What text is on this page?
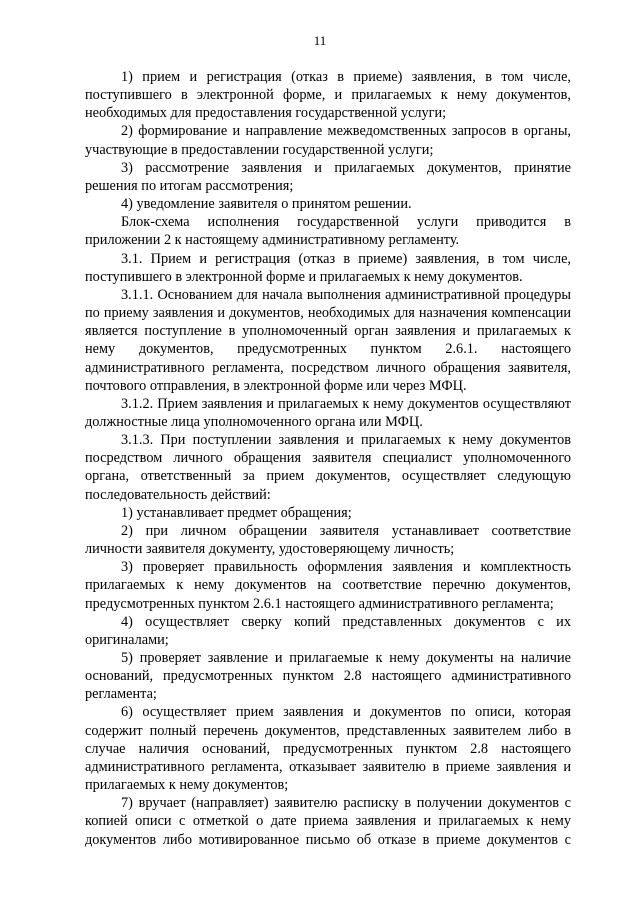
11

1) прием и регистрация (отказ в приеме) заявления, в том числе, поступившего в электронной форме, и прилагаемых к нему документов, необходимых для предоставления государственной услуги;

2) формирование и направление межведомственных запросов в органы, участвующие в предоставлении государственной услуги;

3) рассмотрение заявления и прилагаемых документов, принятие решения по итогам рассмотрения;

4) уведомление заявителя о принятом решении.

Блок-схема исполнения государственной услуги приводится в приложении 2 к настоящему административному регламенту.

3.1. Прием и регистрация (отказ в приеме) заявления, в том числе, поступившего в электронной форме и прилагаемых к нему документов.

3.1.1. Основанием для начала выполнения административной процедуры по приему заявления и документов, необходимых для назначения компенсации является поступление в уполномоченный орган заявления и прилагаемых к нему документов, предусмотренных пунктом 2.6.1. настоящего административного регламента, посредством личного обращения заявителя, почтового отправления, в электронной форме или через МФЦ.

3.1.2. Прием заявления и прилагаемых к нему документов осуществляют должностные лица уполномоченного органа или МФЦ.

3.1.3. При поступлении заявления и прилагаемых к нему документов посредством личного обращения заявителя специалист уполномоченного органа, ответственный за прием документов, осуществляет следующую последовательность действий:

1) устанавливает предмет обращения;

2) при личном обращении заявителя устанавливает соответствие личности заявителя документу, удостоверяющему личность;

3) проверяет правильность оформления заявления и комплектность прилагаемых к нему документов на соответствие перечню документов, предусмотренных пунктом 2.6.1 настоящего административного регламента;

4) осуществляет сверку копий представленных документов с их оригиналами;

5) проверяет заявление и прилагаемые к нему документы на наличие оснований, предусмотренных пунктом 2.8 настоящего административного регламента;

6) осуществляет прием заявления и документов по описи, которая содержит полный перечень документов, представленных заявителем либо в случае наличия оснований, предусмотренных пунктом 2.8 настоящего административного регламента, отказывает заявителю в приеме заявления и прилагаемых к нему документов;

7) вручает (направляет) заявителю расписку в получении документов с копией описи с отметкой о дате приема заявления и прилагаемых к нему документов либо мотивированное письмо об отказе в приеме документов с
